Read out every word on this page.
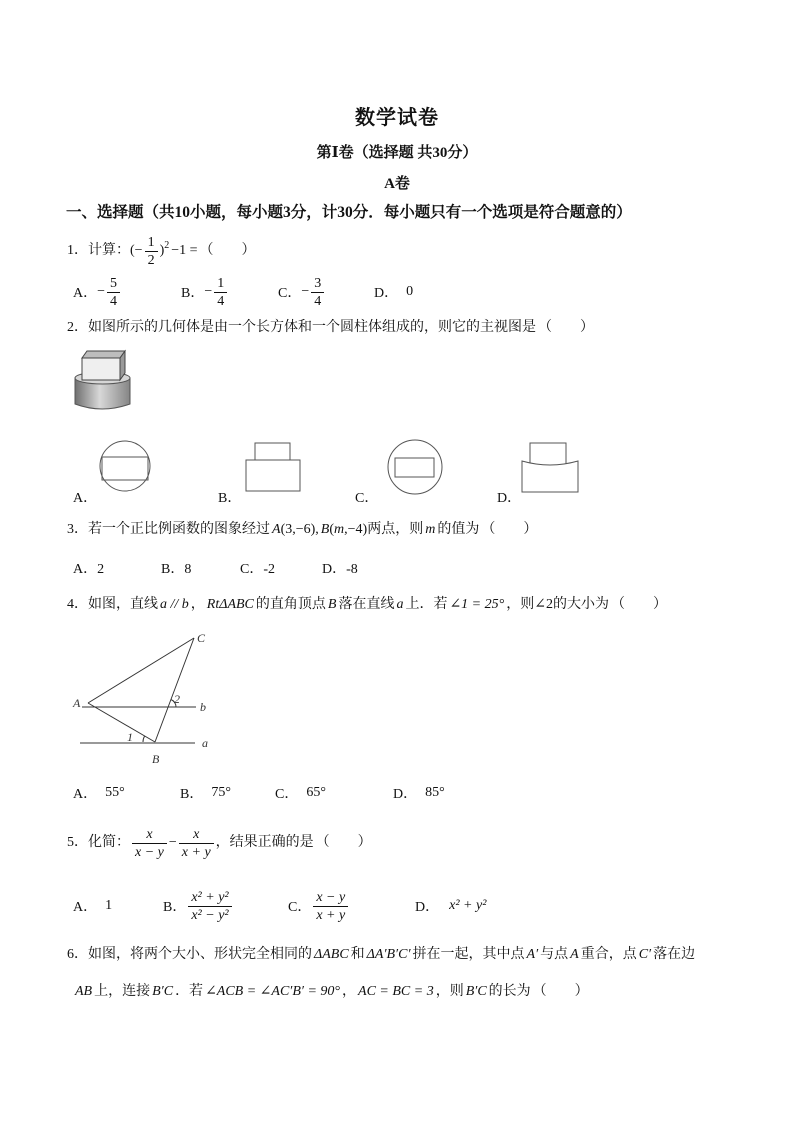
数学试卷
第Ⅰ卷（选择题 共30分）
A卷
一、选择题（共10小题，每小题3分，计30分．每小题只有一个选项是符合题意的）
1． 计算： (− $\frac{1}{2}$ ) 2 −1 = （　　）
A． − $\frac{5}{4}$	B． − $\frac{1}{4}$	C． − $\frac{3}{4}$	D． 0
2． 如图所示的几何体是由一个长方体和一个圆柱体组成的，则它的主视图是 （　　）
A．	B．	C．	D．
3． 若一个正比例函数的图象经过 A (3,−6), B ( m ,−4) 两点，则 m 的值为 （　　）
A．2	B．8	C．-2	D．-8
4． 如图，直线 a // b ， RtΔABC 的直角顶点 B 落在直线 a 上．若 ∠1 = 25° ，则∠2的大小为 （　　）
A
C
B
b
a
2
1
A． 55°	B． 75°	C． 65°	D． 85°
5． 化简： $\frac{x}{x - y} - \frac{x}{x + y}$ ，结果正确的是 （　　）
A． 1	B． $\frac{\text{x² + y²}}{\text{x² − y²}}$	C． $\frac{x - y}{x + y}$	D． x² + y²
6． 如图，将两个大小、形状完全相同的 ΔABC 和 ΔA′B′C′ 拼在一起，其中点 A′ 与点 A 重合，点 C′ 落在边
AB 上，连接 B′C ．若 ∠ACB = ∠AC′B′ = 90° ， AC = BC = 3 ，则 B′C 的长为 （　　）
